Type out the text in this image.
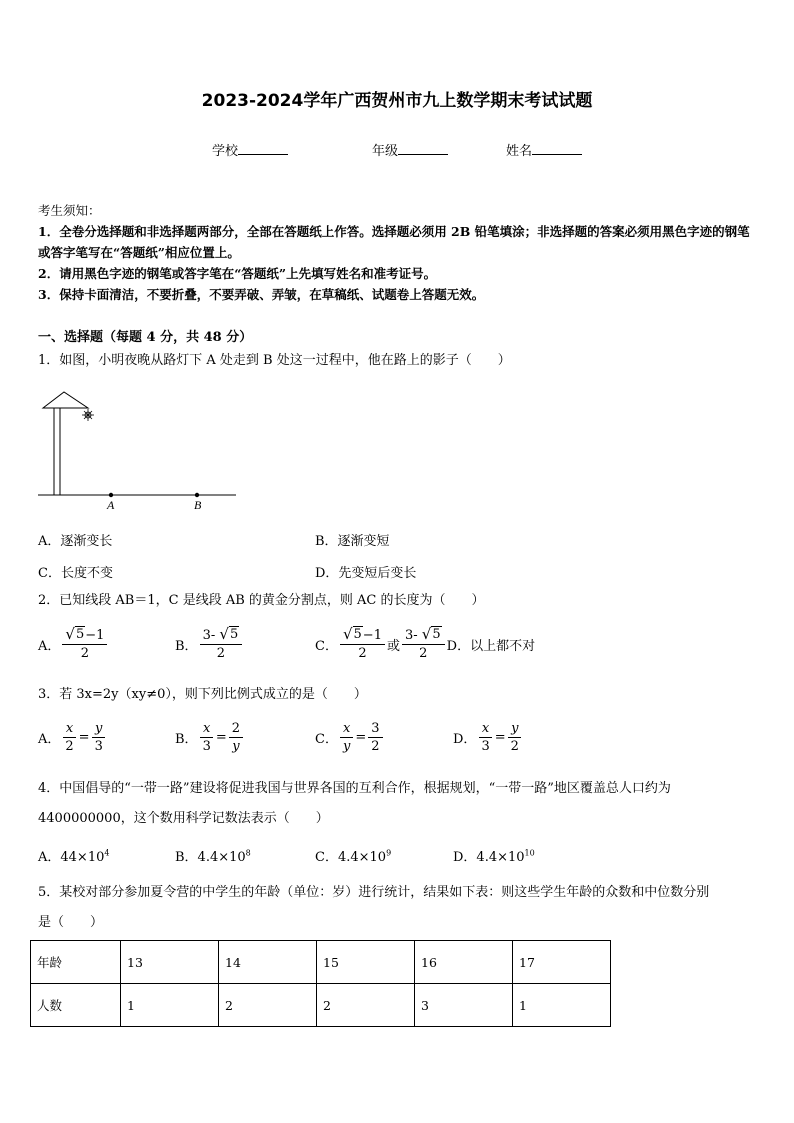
2023-2024学年广西贺州市九上数学期末考试试题
学校	年级	姓名
考生须知：
1．全卷分选择题和非选择题两部分，全部在答题纸上作答。选择题必须用 2B 铅笔填涂；非选择题的答案必须用黑色字迹的钢笔或答字笔写在“答题纸”相应位置上。
2．请用黑色字迹的钢笔或答字笔在“答题纸”上先填写姓名和准考证号。
3．保持卡面清洁，不要折叠，不要弄破、弄皱，在草稿纸、试题卷上答题无效。
一、选择题（每题 4 分，共 48 分）
1．如图，小明夜晚从路灯下 A 处走到 B 处这一过程中，他在路上的影子（　　）
A	B
A．逐渐变长	B．逐渐变短
C．长度不变	D．先变短后变长
2．已知线段 AB＝1，C 是线段 AB 的黄金分割点，则 AC 的长度为（　　）
A． $\frac{√ 5 -1}{2}$	B． $\frac{3- √ 5}{2}$	C． $\frac{√ 5 -1}{2}$ 或 $\frac{3- √ 5}{2}$ D．以上都不对
3．若 3x=2y（xy≠0），则下列比例式成立的是（　　）
A． $\frac{x}{2} = \frac{y}{3}$	B． $\frac{x}{3} = \frac{2}{y}$	C． $\frac{x}{y} = \frac{3}{2}$	D． $\frac{x}{3} = \frac{y}{2}$
4．中国倡导的“一带一路”建设将促进我国与世界各国的互利合作，根据规划，“一带一路”地区覆盖总人口约为
4400000000，这个数用科学记数法表示（　　）
A．$44\times 10^4$	B．$4.4\times 10^8$	C．$4.4\times 10^9$	D．$4.4\times 10^{10}$
5．某校对部分参加夏令营的中学生的年龄（单位：岁）进行统计，结果如下表：则这些学生年龄的众数和中位数分别
是（　　）
年龄	13	14	15	16	17
人数	1	2	2	3	1
